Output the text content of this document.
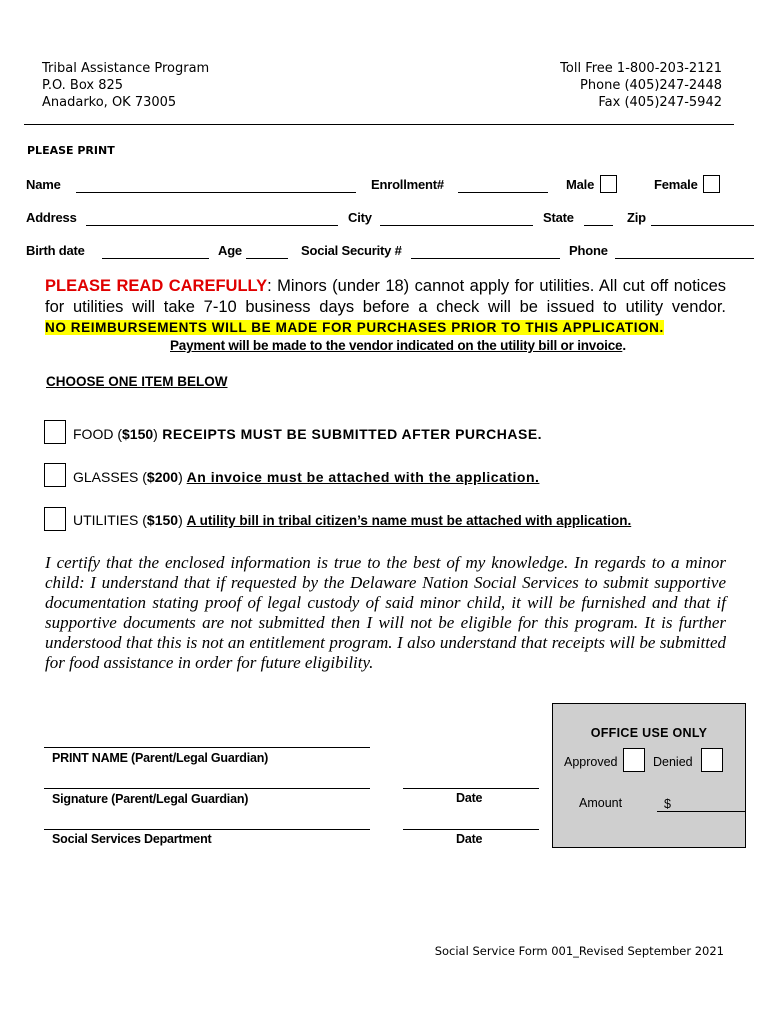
Tribal Assistance Program
P.O. Box 825
Anadarko, OK 73005
Toll Free 1-800-203-2121
Phone (405)247-2448
Fax (405)247-5942
PLEASE PRINT
Name	Enrollment#	Male	Female
Address	City	State	Zip
Birth date	Age	Social Security #	Phone
PLEASE READ CAREFULLY: Minors (under 18) cannot apply for utilities. All cut off notices for utilities will take 7-10 business days before a check will be issued to utility vendor.
NO REIMBURSEMENTS WILL BE MADE FOR PURCHASES PRIOR TO THIS APPLICATION.
Payment will be made to the vendor indicated on the utility bill or invoice.
CHOOSE ONE ITEM BELOW
FOOD ($150) RECEIPTS MUST BE SUBMITTED AFTER PURCHASE.
GLASSES ($200) An invoice must be attached with the application.
UTILITIES ($150) A utility bill in tribal citizen’s name must be attached with application.
I certify that the enclosed information is true to the best of my knowledge. In regards to a minor child: I understand that if requested by the Delaware Nation Social Services to submit supportive documentation stating proof of legal custody of said minor child, it will be furnished and that if supportive documents are not submitted then I will not be eligible for this program. It is further understood that this is not an entitlement program. I also understand that receipts will be submitted for food assistance in order for future eligibility.
OFFICE USE ONLY
Approved	Denied
Amount	$
PRINT NAME (Parent/Legal Guardian)
Signature (Parent/Legal Guardian)	Date
Social Services Department	Date
Social Service Form 001_Revised September 2021
